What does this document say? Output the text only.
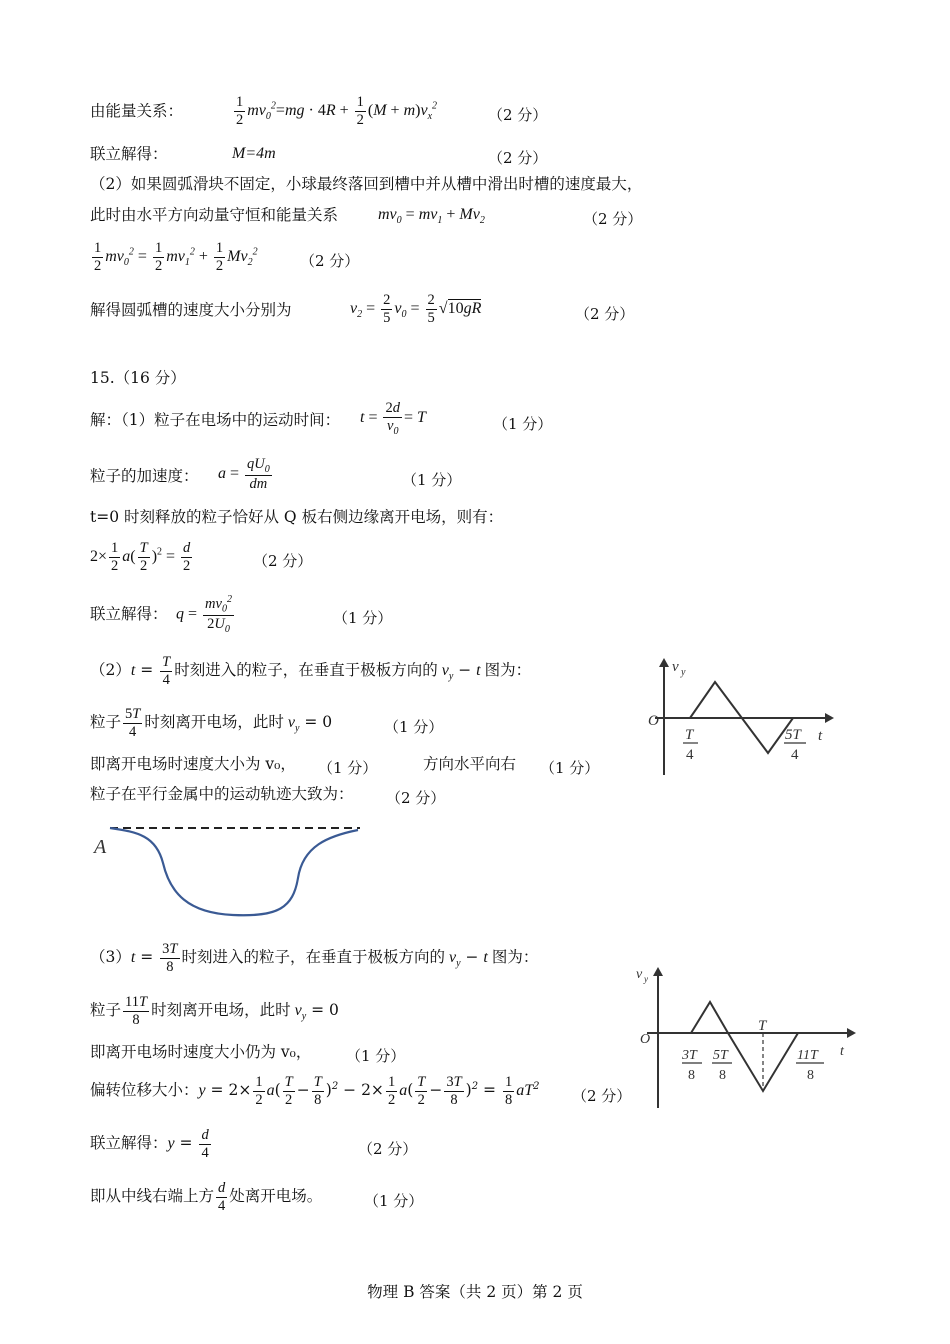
由能量关系：	$\frac{1}{2} mv_0^2=mg \cdot 4R + \frac{1}{2} (M + m)v_x^2$	（2 分）
联立解得：	M=4m	（2 分）
（2）如果圆弧滑块不固定，小球最终落回到槽中并从槽中滑出时槽的速度最大，
此时由水平方向动量守恒和能量关系 $mv_0 = mv_1 + Mv_2$	（2 分）
$\frac{1}{2} mv_0^2 = \frac{1}{2} mv_1^2 + \frac{1}{2} Mv_2^2$	（2 分）
解得圆弧槽的速度大小分别为	$v_2 = \frac{2}{5} v_0 = \frac{2}{5} √10gR$	（2 分）
15.（16 分）
解：（1）粒子在电场中的运动时间： $t = \frac{2d}{v_0} = T$	（1 分）
粒子的加速度： $a = \frac{qU_0}{dm}$	（1 分）
t=0 时刻释放的粒子恰好从 Q 板右侧边缘离开电场，则有：
$2\times \frac{1}{2} a( \frac{T}{2} )^2 = \frac{d}{2}$	（2 分）
联立解得： $q = \frac{mv_0^2}{2U_0}$	（1 分）
$(2)t = \frac{T}{4}$ 时刻进入的粒子，在垂直于极板方向的 $v_y - t$ 图为：
粒子 $\frac{5T}{4}$ 时刻离开电场，此时 $v_y = 0$	（1 分）
即离开电场时速度大小为 v₀， （1 分）	方向水平向右 （1 分）
粒子在平行金属中的运动轨迹大致为： （2 分）
v y
O
t
T
4
5T
4
A
$(3)t = \frac{3T}{8}$ 时刻进入的粒子，在垂直于极板方向的 $v_y - t$ 图为：
粒子 $\frac{11T}{8}$ 时刻离开电场，此时 $v_y = 0$
即离开电场时速度大小仍为 v₀， （1 分）
偏转位移大小：$y = 2\times \frac{1}{2} a( \frac{T}{2} - \frac{T}{8} )^2 - 2\times \frac{1}{2} a( \frac{T}{2} - \frac{3T}{8} )^2 = \frac{1}{8} aT^2$
（2 分）
联立解得：$y = \frac{d}{4}$	（2 分）
即从中线右端上方 $\frac{d}{4}$ 处离开电场。	（1 分）
v y
O
t
T
3T
8
5T
8
11T
8
物理 B 答案（共 2 页）第 2 页
